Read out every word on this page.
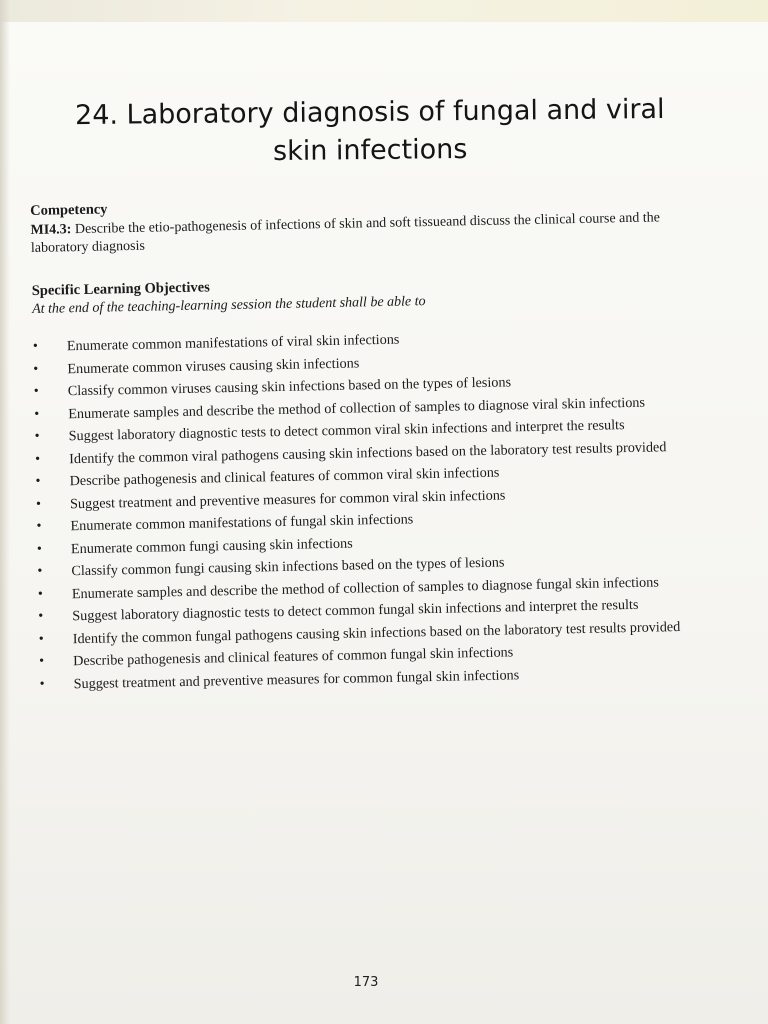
24. Laboratory diagnosis of fungal and viral
skin infections
Competency
MI4.3: Describe the etio-pathogenesis of infections of skin and soft tissueand discuss the clinical course and the laboratory diagnosis
Specific Learning Objectives
At the end of the teaching-learning session the student shall be able to
• Enumerate common manifestations of viral skin infections
• Enumerate common viruses causing skin infections
• Classify common viruses causing skin infections based on the types of lesions
• Enumerate samples and describe the method of collection of samples to diagnose viral skin infections
• Suggest laboratory diagnostic tests to detect common viral skin infections and interpret the results
• Identify the common viral pathogens causing skin infections based on the laboratory test results provided
• Describe pathogenesis and clinical features of common viral skin infections
• Suggest treatment and preventive measures for common viral skin infections
• Enumerate common manifestations of fungal skin infections
• Enumerate common fungi causing skin infections
• Classify common fungi causing skin infections based on the types of lesions
• Enumerate samples and describe the method of collection of samples to diagnose fungal skin infections
• Suggest laboratory diagnostic tests to detect common fungal skin infections and interpret the results
• Identify the common fungal pathogens causing skin infections based on the laboratory test results provided
• Describe pathogenesis and clinical features of common fungal skin infections
• Suggest treatment and preventive measures for common fungal skin infections
173
